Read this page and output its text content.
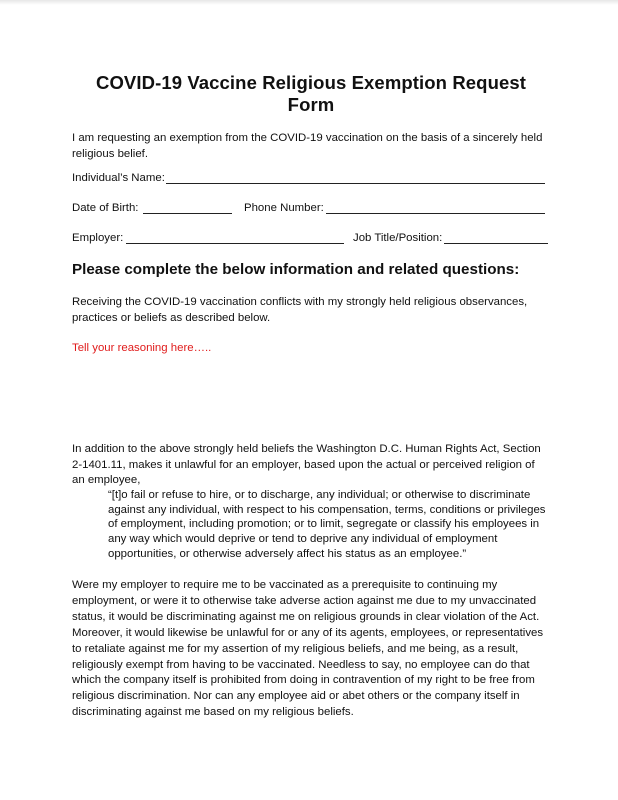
COVID-19 Vaccine Religious Exemption Request Form
I am requesting an exemption from the COVID-19 vaccination on the basis of a sincerely held religious belief.
Individual’s Name:
Date of Birth:	Phone Number:
Employer:	Job Title/Position:
Please complete the below information and related questions:
Receiving the COVID-19 vaccination conflicts with my strongly held religious observances, practices or beliefs as described below.
Tell your reasoning here…..
In addition to the above strongly held beliefs the Washington D.C. Human Rights Act, Section 2-1401.11, makes it unlawful for an employer, based upon the actual or perceived religion of an employee,
“[t]o fail or refuse to hire, or to discharge, any individual; or otherwise to discriminate against any individual, with respect to his compensation, terms, conditions or privileges of employment, including promotion; or to limit, segregate or classify his employees in any way which would deprive or tend to deprive any individual of employment opportunities, or otherwise adversely affect his status as an employee.”
Were my employer to require me to be vaccinated as a prerequisite to continuing my employment, or were it to otherwise take adverse action against me due to my unvaccinated status, it would be discriminating against me on religious grounds in clear violation of the Act. Moreover, it would likewise be unlawful for or any of its agents, employees, or representatives to retaliate against me for my assertion of my religious beliefs, and me being, as a result, religiously exempt from having to be vaccinated. Needless to say, no employee can do that which the company itself is prohibited from doing in contravention of my right to be free from religious discrimination. Nor can any employee aid or abet others or the company itself in discriminating against me based on my religious beliefs.
